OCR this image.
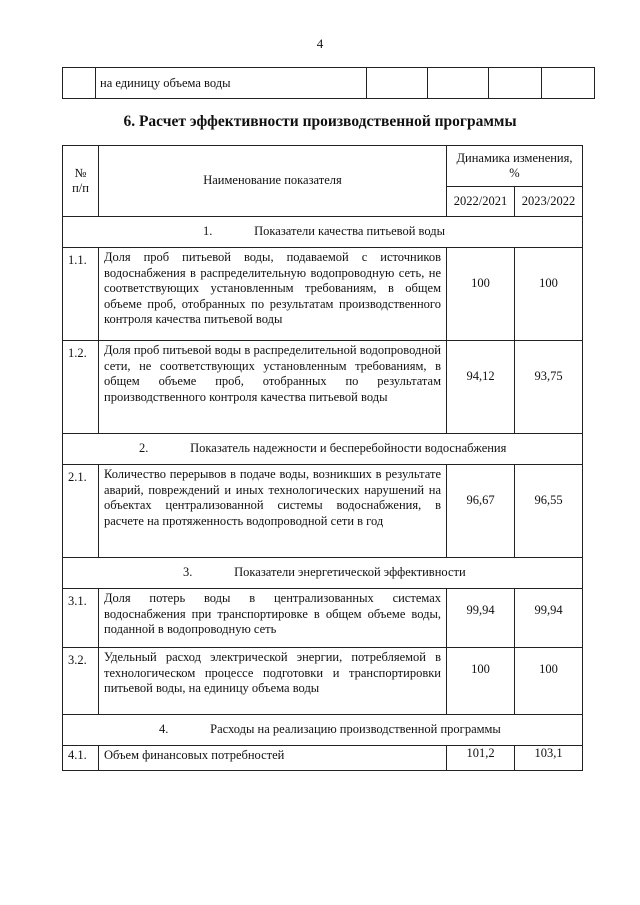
4
	на единицу объема воды				
6. Расчет эффективности производственной программы
№ п/п	Наименование показателя	Динамика изменения, %	
		2022/2021	2023/2022
1. Показатели качества питьевой воды			
1.1.	Доля проб питьевой воды, подаваемой с источников водоснабжения в распределительную водопроводную сеть, не соответствующих установленным требованиям, в общем объеме проб, отобранных по результатам производственного контроля качества питьевой воды	100	100
1.2.	Доля проб питьевой воды в распределительной водопроводной сети, не соответствующих установленным требованиям, в общем объеме проб, отобранных по результатам производственного контроля качества питьевой воды	94,12	93,75
2. Показатель надежности и бесперебойности водоснабжения			
2.1.	Количество перерывов в подаче воды, возникших в результате аварий, повреждений и иных технологических нарушений на объектах централизованной системы водоснабжения, в расчете на протяженность водопроводной сети в год	96,67	96,55
3. Показатели энергетической эффективности			
3.1.	Доля потерь воды в централизованных системах водоснабжения при транспортировке в общем объеме воды, поданной в водопроводную сеть	99,94	99,94
3.2.	Удельный расход электрической энергии, потребляемой в технологическом процессе подготовки и транспортировки питьевой воды, на единицу объема воды	100	100
4. Расходы на реализацию производственной программы			
4.1.	Объем финансовых потребностей	101,2	103,1
